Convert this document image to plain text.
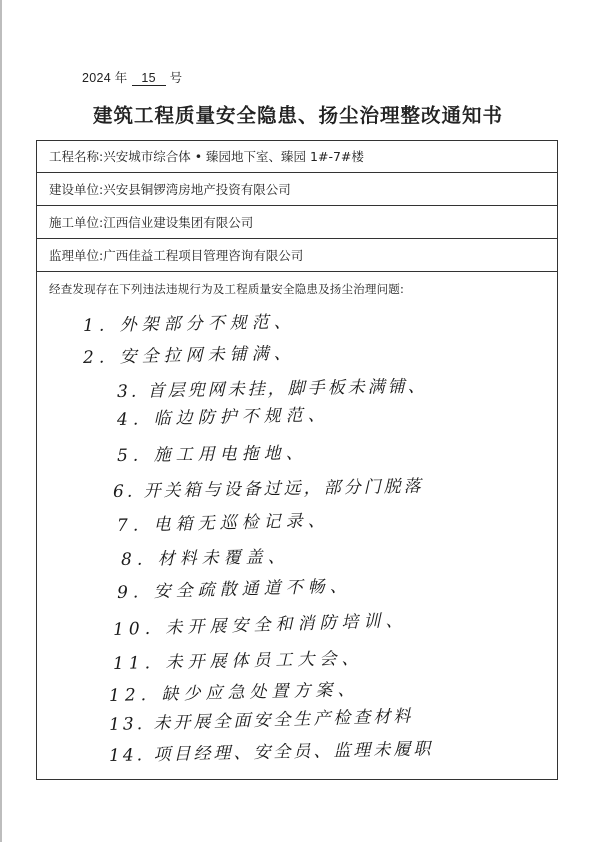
2024 年 15 号
建筑工程质量安全隐患、扬尘治理整改通知书
工程名称:兴安城市综合体 • 臻园地下室、臻园 1#-7#楼
建设单位:兴安县铜锣湾房地产投资有限公司
施工单位:江西信业建设集团有限公司
监理单位:广西佳益工程项目管理咨询有限公司
经查发现存在下列违法违规行为及工程质量安全隐患及扬尘治理问题:
1. 外架部分不规范、
2. 安全拉网未铺满、
3. 首层兜网未挂，脚手板未满铺、
4. 临边防护不规范、
5. 施工用电拖地、
6. 开关箱与设备过远，部分门脱落
7. 电箱无巡检记录、
8. 材料未覆盖、
9. 安全疏散通道不畅、
10. 未开展安全和消防培训、
11. 未开展体员工大会、
12. 缺少应急处置方案、
13. 未开展全面安全生产检查材料
14. 项目经理、安全员、监理未履职
